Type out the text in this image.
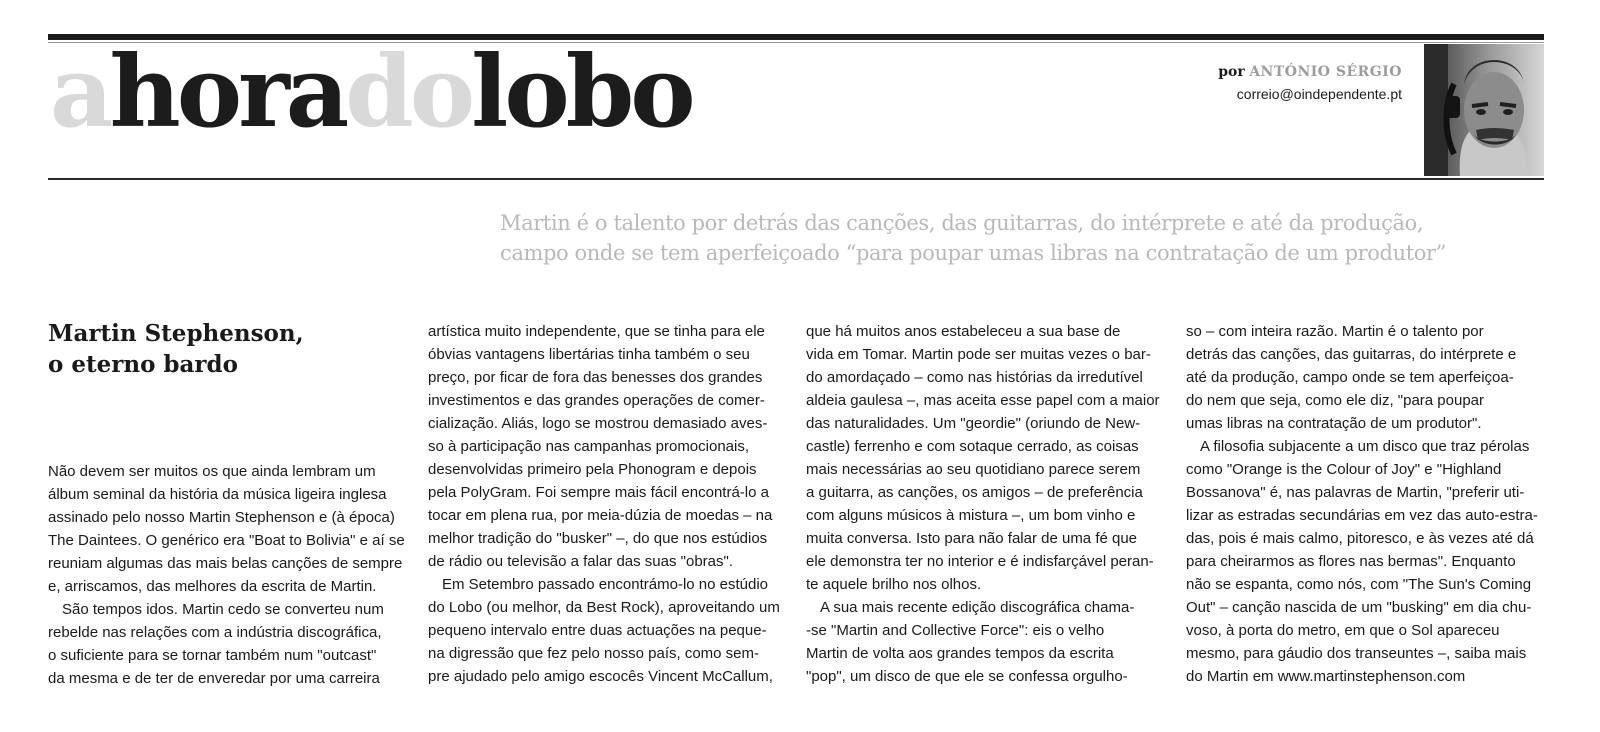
ahoradolobo	por ANTÓNIO SÉRGIO
correio@oindependente.pt
Martin é o talento por detrás das canções, das guitarras, do intérprete e até da produção,
campo onde se tem aperfeiçoado “para poupar umas libras na contratação de um produtor”
Martin Stephenson,
o eterno bardo
Não devem ser muitos os que ainda lembram um
álbum seminal da história da música ligeira inglesa
assinado pelo nosso Martin Stephenson e (à época)
The Daintees. O genérico era "Boat to Bolivia" e aí se
reuniam algumas das mais belas canções de sempre
e, arriscamos, das melhores da escrita de Martin.
São tempos idos. Martin cedo se converteu num
rebelde nas relações com a indústria discográfica,
o suficiente para se tornar também num "outcast"
da mesma e de ter de enveredar por uma carreira
artística muito independente, que se tinha para ele
óbvias vantagens libertárias tinha também o seu
preço, por ficar de fora das benesses dos grandes
investimentos e das grandes operações de comer-
cialização. Aliás, logo se mostrou demasiado aves-
so à participação nas campanhas promocionais,
desenvolvidas primeiro pela Phonogram e depois
pela PolyGram. Foi sempre mais fácil encontrá-lo a
tocar em plena rua, por meia-dúzia de moedas – na
melhor tradição do "busker" –, do que nos estúdios
de rádio ou televisão a falar das suas "obras".
Em Setembro passado encontrámo-lo no estúdio
do Lobo (ou melhor, da Best Rock), aproveitando um
pequeno intervalo entre duas actuações na peque-
na digressão que fez pelo nosso país, como sem-
pre ajudado pelo amigo escocês Vincent McCallum,
que há muitos anos estabeleceu a sua base de
vida em Tomar. Martin pode ser muitas vezes o bar-
do amordaçado – como nas histórias da irredutível
aldeia gaulesa –, mas aceita esse papel com a maior
das naturalidades. Um "geordie" (oriundo de New-
castle) ferrenho e com sotaque cerrado, as coisas
mais necessárias ao seu quotidiano parece serem
a guitarra, as canções, os amigos – de preferência
com alguns músicos à mistura –, um bom vinho e
muita conversa. Isto para não falar de uma fé que
ele demonstra ter no interior e é indisfarçável peran-
te aquele brilho nos olhos.
A sua mais recente edição discográfica chama-
-se "Martin and Collective Force": eis o velho
Martin de volta aos grandes tempos da escrita
"pop", um disco de que ele se confessa orgulho-
so – com inteira razão. Martin é o talento por
detrás das canções, das guitarras, do intérprete e
até da produção, campo onde se tem aperfeiçoa-
do nem que seja, como ele diz, "para poupar
umas libras na contratação de um produtor".
A filosofia subjacente a um disco que traz pérolas
como "Orange is the Colour of Joy" e "Highland
Bossanova" é, nas palavras de Martin, "preferir uti-
lizar as estradas secundárias em vez das auto-estra-
das, pois é mais calmo, pitoresco, e às vezes até dá
para cheirarmos as flores nas bermas". Enquanto
não se espanta, como nós, com "The Sun's Coming
Out" – canção nascida de um "busking" em dia chu-
voso, à porta do metro, em que o Sol apareceu
mesmo, para gáudio dos transeuntes –, saiba mais
do Martin em www.martinstephenson.com
